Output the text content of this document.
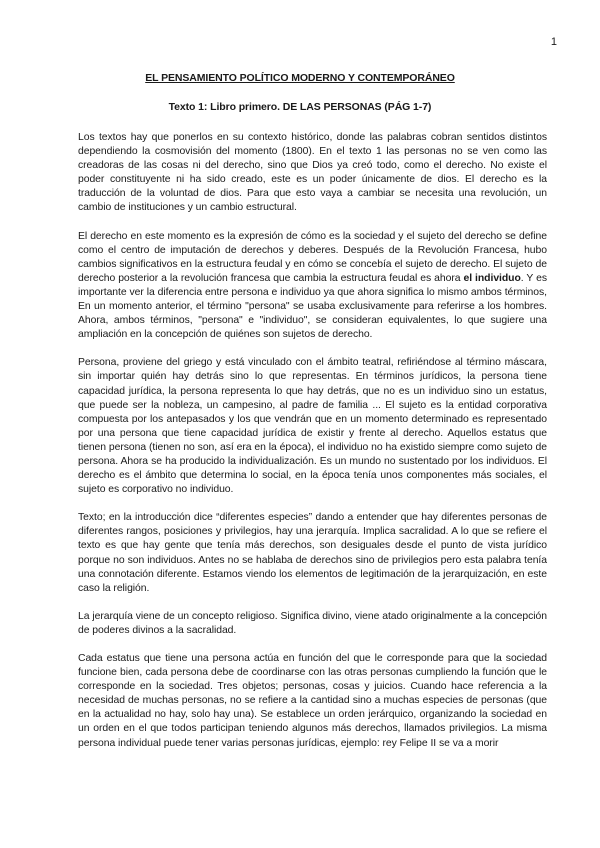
1
EL PENSAMIENTO POLÍTICO MODERNO Y CONTEMPORÁNEO
Texto 1: Libro primero. DE LAS PERSONAS (PÁG 1-7)

Los textos hay que ponerlos en su contexto histórico, donde las palabras cobran sentidos distintos dependiendo la cosmovisión del momento (1800). En el texto 1 las personas no se ven como las creadoras de las cosas ni del derecho, sino que Dios ya creó todo, como el derecho. No existe el poder constituyente ni ha sido creado, este es un poder únicamente de dios. El derecho es la traducción de la voluntad de dios. Para que esto vaya a cambiar se necesita una revolución, un cambio de instituciones y un cambio estructural.

El derecho en este momento es la expresión de cómo es la sociedad y el sujeto del derecho se define como el centro de imputación de derechos y deberes. Después de la Revolución Francesa, hubo cambios significativos en la estructura feudal y en cómo se concebía el sujeto de derecho. El sujeto de derecho posterior a la revolución francesa que cambia la estructura feudal es ahora el individuo. Y es importante ver la diferencia entre persona e individuo ya que ahora significa lo mismo ambos términos, En un momento anterior, el término "persona" se usaba exclusivamente para referirse a los hombres. Ahora, ambos términos, "persona" e "individuo", se consideran equivalentes, lo que sugiere una ampliación en la concepción de quiénes son sujetos de derecho.

Persona, proviene del griego y está vinculado con el ámbito teatral, refiriéndose al término máscara, sin importar quién hay detrás sino lo que representas. En términos jurídicos, la persona tiene capacidad jurídica, la persona representa lo que hay detrás, que no es un individuo sino un estatus, que puede ser la nobleza, un campesino, al padre de familia ... El sujeto es la entidad corporativa compuesta por los antepasados y los que vendrán que en un momento determinado es representado por una persona que tiene capacidad jurídica de existir y frente al derecho. Aquellos estatus que tienen persona (tienen no son, así era en la época), el individuo no ha existido siempre como sujeto de persona. Ahora se ha producido la individualización. Es un mundo no sustentado por los individuos. El derecho es el ámbito que determina lo social, en la época tenía unos componentes más sociales, el sujeto es corporativo no individuo.

Texto; en la introducción dice “diferentes especies” dando a entender que hay diferentes personas de diferentes rangos, posiciones y privilegios, hay una jerarquía. Implica sacralidad. A lo que se refiere el texto es que hay gente que tenía más derechos, son desiguales desde el punto de vista jurídico porque no son individuos. Antes no se hablaba de derechos sino de privilegios pero esta palabra tenía una connotación diferente. Estamos viendo los elementos de legitimación de la jerarquización, en este caso la religión.

La jerarquía viene de un concepto religioso. Significa divino, viene atado originalmente a la concepción de poderes divinos a la sacralidad.

Cada estatus que tiene una persona actúa en función del que le corresponde para que la sociedad funcione bien, cada persona debe de coordinarse con las otras personas cumpliendo la función que le corresponde en la sociedad. Tres objetos; personas, cosas y juicios. Cuando hace referencia a la necesidad de muchas personas, no se refiere a la cantidad sino a muchas especies de personas (que en la actualidad no hay, solo hay una). Se establece un orden jerárquico, organizando la sociedad en un orden en el que todos participan teniendo algunos más derechos, llamados privilegios. La misma persona individual puede tener varias personas jurídicas, ejemplo: rey Felipe II se va a morir
